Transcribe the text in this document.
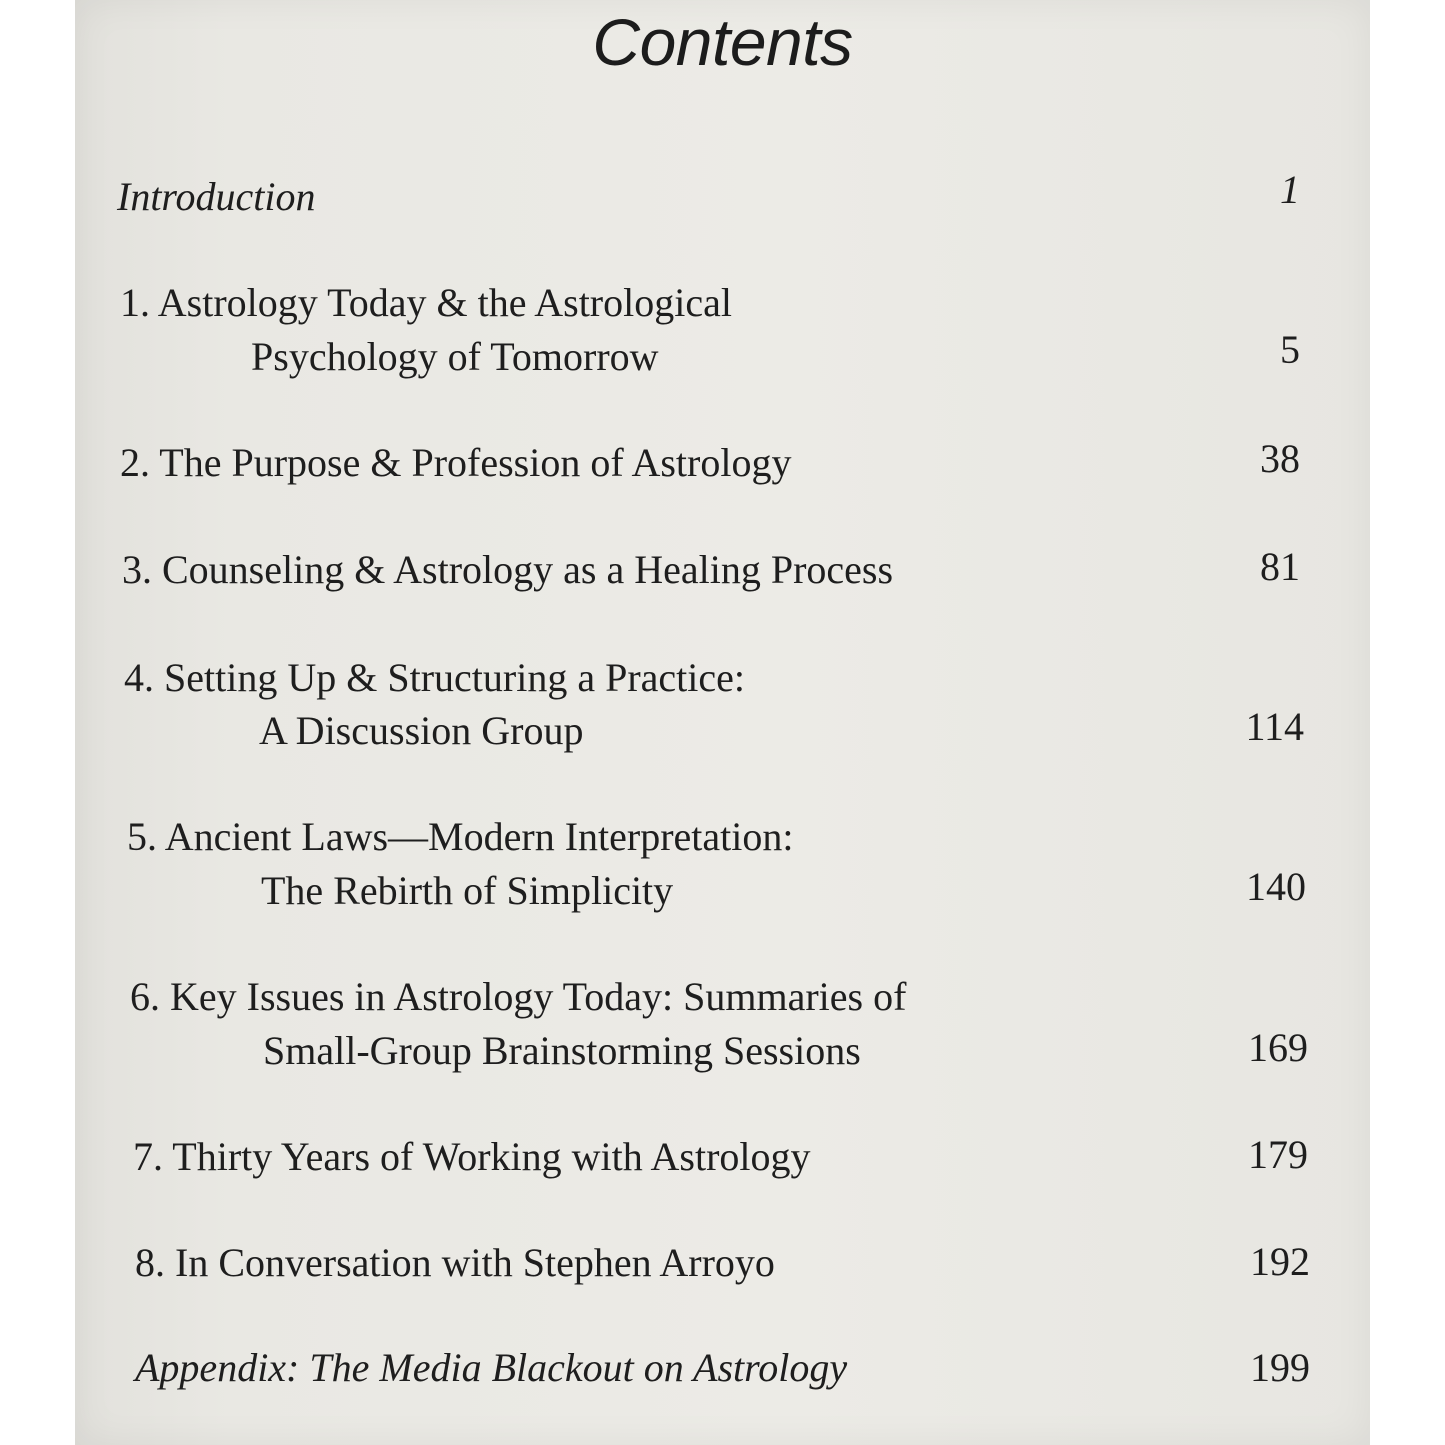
Contents
Introduction	1
1. Astrology Today & the Astrological
Psychology of Tomorrow	5
2. The Purpose & Profession of Astrology	38
3. Counseling & Astrology as a Healing Process	81
4. Setting Up & Structuring a Practice:
A Discussion Group	114
5. Ancient Laws—Modern Interpretation:
The Rebirth of Simplicity	140
6. Key Issues in Astrology Today: Summaries of
Small-Group Brainstorming Sessions	169
7. Thirty Years of Working with Astrology	179
8. In Conversation with Stephen Arroyo	192
Appendix: The Media Blackout on Astrology	199
